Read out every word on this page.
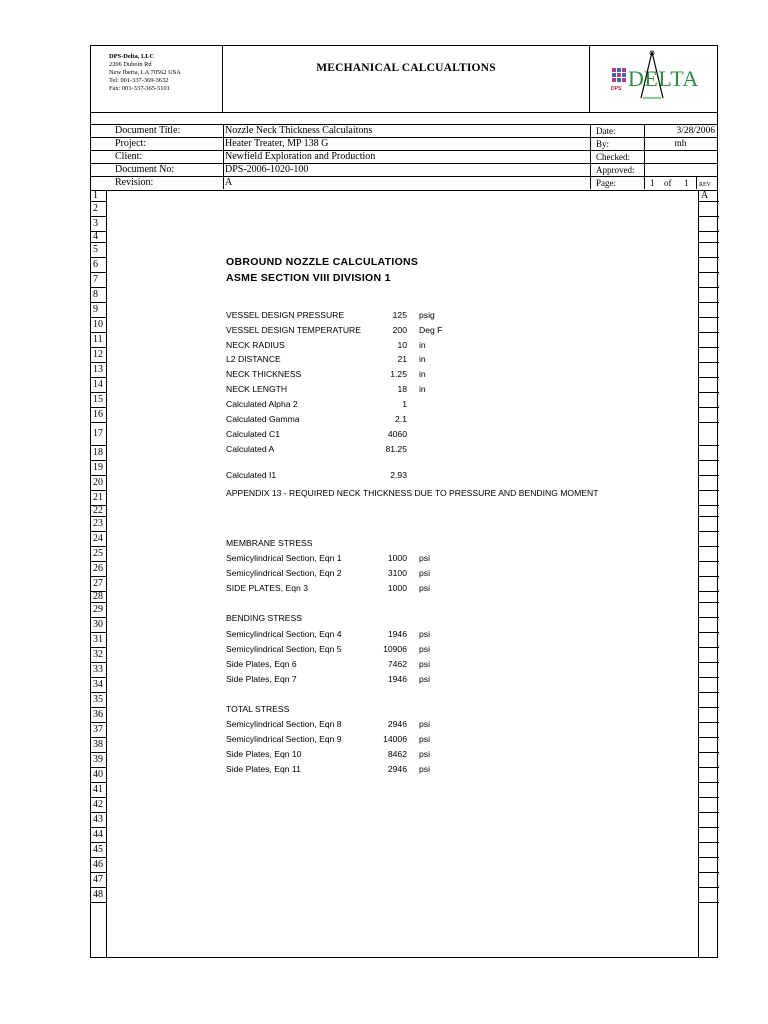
DPS-Delta, LLC
2206 Duboin Rd
New Iberia, LA 70562 USA
Tel: 001-337-369-3632
Fax: 001-337-365-5101
MECHANICAL CALCUALTIONS
DPS DELTA
Document Title:	Nozzle Neck Thickness Calculaitons	Date:	3/28/2006
Project:	Heater Treater, MP 138 G	By:	mh
Client:	Newfield Exploration and Production	Checked:
Document No:	DPS-2006-1020-100	Approved:
Revision:	A	Page:	1 of 1 REV
1
2
3
4
5
6
7
8
9
10
11
12
13
14
15
16
17
18
19
20
21
22
23
24
25
26
27
28
29
30
31
32
33
34
35
36
37
38
39
40
41
42
43
44
45
46
47
48
A
OBROUND NOZZLE CALCULATIONS
ASME SECTION VIII DIVISION 1
VESSEL DESIGN PRESSURE	125 psig
VESSEL DESIGN TEMPERATURE	200 Deg F
NECK RADIUS	10 in
L2 DISTANCE	21 in
NECK THICKNESS	1.25 in
NECK LENGTH	18 in
Calculated Alpha 2	1
Calculated Gamma	2.1
Calculated C1	4060
Calculated A	81.25
Calculated I1	2.93
APPENDIX 13 - REQUIRED NECK THICKNESS DUE TO PRESSURE AND BENDING MOMENT
MEMBRANE STRESS
Semicylindrical Section, Eqn 1	1000 psi
Semicylindrical Section, Eqn 2	3100 psi
SIDE PLATES, Eqn 3	1000 psi
BENDING STRESS
Semicylindrical Section, Eqn 4	1946 psi
Semicylindrical Section, Eqn 5	10906 psi
Side Plates, Eqn 6	7462 psi
Side Plates, Eqn 7	1946 psi
TOTAL STRESS
Semicylindrical Section, Eqn 8	2946 psi
Semicylindrical Section, Eqn 9	14006 psi
Side Plates, Eqn 10	8462 psi
Side Plates, Eqn 11	2946 psi
